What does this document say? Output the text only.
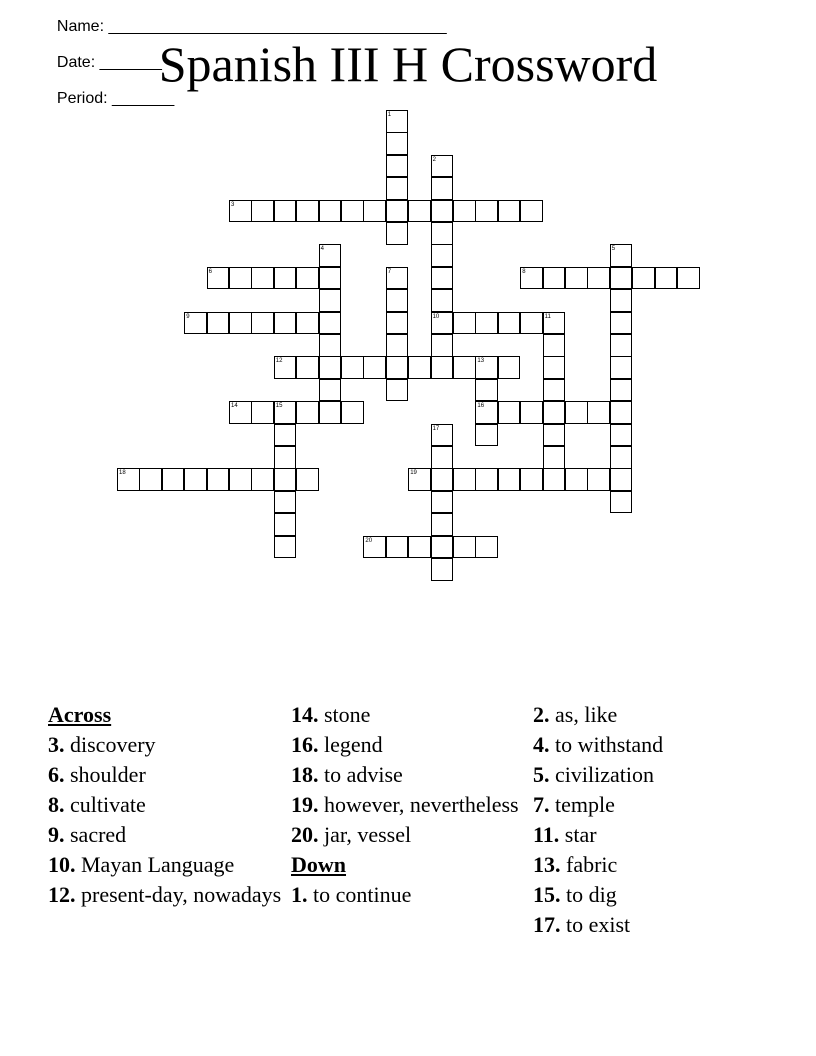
Name: ______________________________________

Date: _______

Period: _______

Spanish III H Crossword
1
2
3
4	5
6	7	8
9	10	11
12	13
14	15	16
17
18	19
20
Across
3. discovery
6. shoulder
8. cultivate
9. sacred
10. Mayan Language
12. present-day, nowadays
14. stone
16. legend
18. to advise
19. however, nevertheless
20. jar, vessel
Down
1. to continue
2. as, like
4. to withstand
5. civilization
7. temple
11. star
13. fabric
15. to dig
17. to exist
